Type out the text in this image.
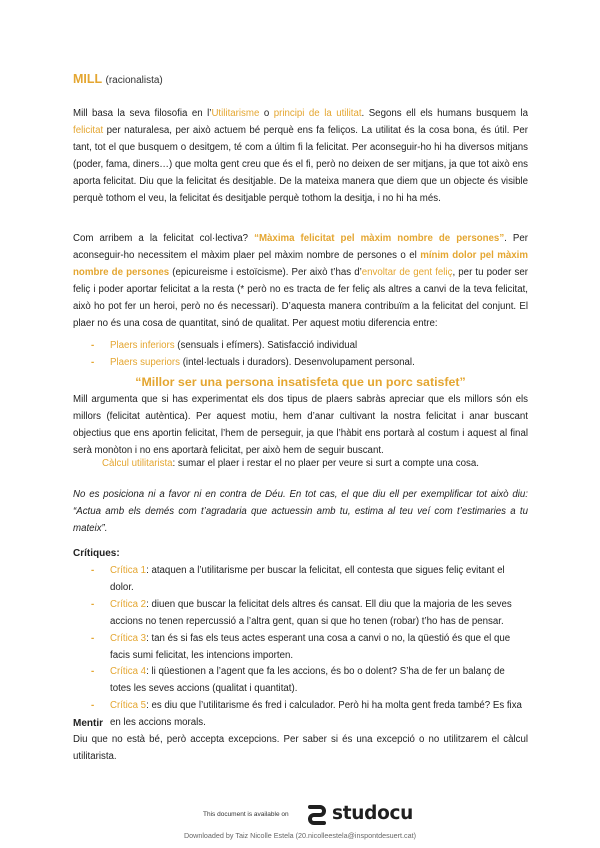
MILL (racionalista)

Mill basa la seva filosofia en l’Utilitarisme o principi de la utilitat. Segons ell els humans busquem la felicitat per naturalesa, per això actuem bé perquè ens fa feliços. La utilitat és la cosa bona, és útil. Per tant, tot el que busquem o desitgem, té com a últim fi la felicitat. Per aconseguir-ho hi ha diversos mitjans (poder, fama, diners…) que molta gent creu que és el fi, però no deixen de ser mitjans, ja que tot això ens aporta felicitat. Diu que la felicitat és desitjable. De la mateixa manera que diem que un objecte és visible perquè tothom el veu, la felicitat és desitjable perquè tothom la desitja, i no hi ha més.

Com arribem a la felicitat col·lectiva? “Màxima felicitat pel màxim nombre de persones”. Per aconseguir-ho necessitem el màxim plaer pel màxim nombre de persones o el mínim dolor pel màxim nombre de persones (epicureisme i estoïcisme). Per això t’has d’envoltar de gent feliç, per tu poder ser feliç i poder aportar felicitat a la resta (* però no es tracta de fer feliç als altres a canvi de la teva felicitat, això ho pot fer un heroi, però no és necessari). D’aquesta manera contribuïm a la felicitat del conjunt. El plaer no és una cosa de quantitat, sinó de qualitat. Per aquest motiu diferencia entre:

- Plaers inferiors (sensuals i efímers). Satisfacció individual
- Plaers superiors (intel·lectuals i duradors). Desenvolupament personal.
“Millor ser una persona insatisfeta que un porc satisfet”

Mill argumenta que si has experimentat els dos tipus de plaers sabràs apreciar que els millors són els millors (felicitat autèntica). Per aquest motiu, hem d’anar cultivant la nostra felicitat i anar buscant objectius que ens aportin felicitat, l’hem de perseguir, ja que l’hàbit ens portarà al costum i aquest al final serà monòton i no ens aportarà felicitat, per això hem de seguir buscant.

Càlcul utilitarista: sumar el plaer i restar el no plaer per veure si surt a compte una cosa.

No es posiciona ni a favor ni en contra de Déu. En tot cas, el que diu ell per exemplificar tot això diu: “Actua amb els demés com t’agradaria que actuessin amb tu, estima al teu veí com t’estimaries a tu mateix”.

Crítiques:
- Crítica 1: ataquen a l’utilitarisme per buscar la felicitat, ell contesta que sigues feliç evitant el dolor.
- Crítica 2: diuen que buscar la felicitat dels altres és cansat. Ell diu que la majoria de les seves accions no tenen repercussió a l’altra gent, quan si que ho tenen (robar) t’ho has de pensar.
- Crítica 3: tan és si fas els teus actes esperant una cosa a canvi o no, la qüestió és que el que facis sumi felicitat, les intencions importen.
- Crítica 4: li qüestionen a l’agent que fa les accions, és bo o dolent? S’ha de fer un balanç de totes les seves accions (qualitat i quantitat).
- Crítica 5: es diu que l’utilitarisme és fred i calculador. Però hi ha molta gent freda també? Es fixa en les accions morals.
Mentir

Diu que no està bé, però accepta excepcions. Per saber si és una excepció o no utilitzarem el càlcul utilitarista.

This document is available on studocu
Downloaded by Taiz Nicolle Estela (20.nicolleestela@inspontdesuert.cat)
